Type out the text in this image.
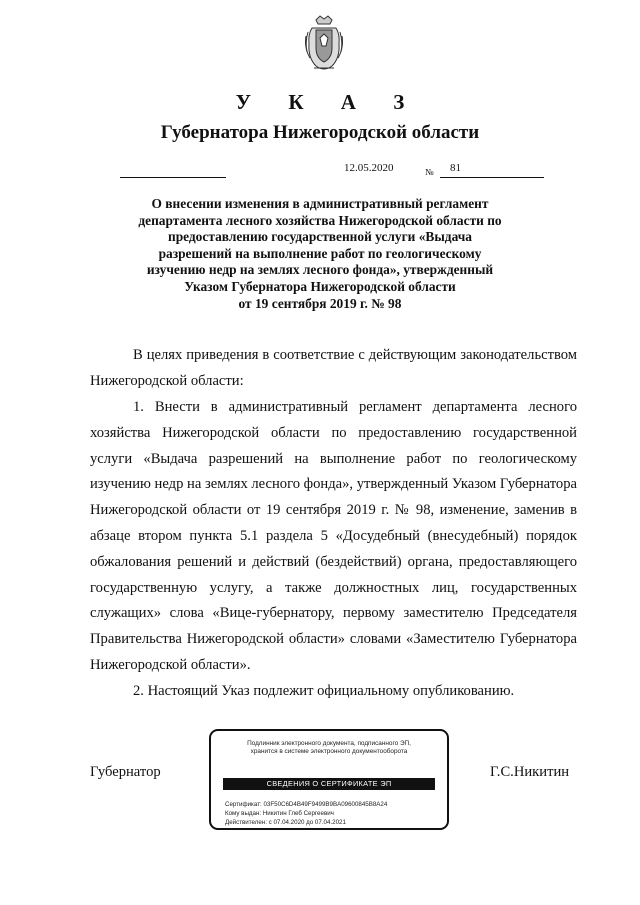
У К А З
Губернатора Нижегородской области
12.05.2020	№ 81
О внесении изменения в административный регламент
департамента лесного хозяйства Нижегородской области по
предоставлению государственной услуги «Выдача
разрешений на выполнение работ по геологическому
изучению недр на землях лесного фонда», утвержденный
Указом Губернатора Нижегородской области
от 19 сентября 2019 г. № 98
В целях приведения в соответствие с действующим законодательством Нижегородской области:
1. Внести в административный регламент департамента лесного хозяйства Нижегородской области по предоставлению государственной услуги «Выдача разрешений на выполнение работ по геологическому изучению недр на землях лесного фонда», утвержденный Указом Губернатора Нижегородской области от 19 сентября 2019 г. № 98, изменение, заменив в абзаце втором пункта 5.1 раздела 5 «Досудебный (внесудебный) порядок обжалования решений и действий (бездействий) органа, предоставляющего государственную услугу, а также должностных лиц, государственных служащих» слова «Вице-губернатору, первому заместителю Председателя Правительства Нижегородской области» словами «Заместителю Губернатора Нижегородской области».
2. Настоящий Указ подлежит официальному опубликованию.
Губернатор	Г.С.Никитин
Подлинник электронного документа, подписанного ЭП,
хранится в системе электронного документооборота
СВЕДЕНИЯ О СЕРТИФИКАТЕ ЭП
Сертификат: 03F50C6D4B49F9499B9BA09600845B8A24
Кому выдан: Никитин Глеб Сергеевич
Действителен: с 07.04.2020 до 07.04.2021
